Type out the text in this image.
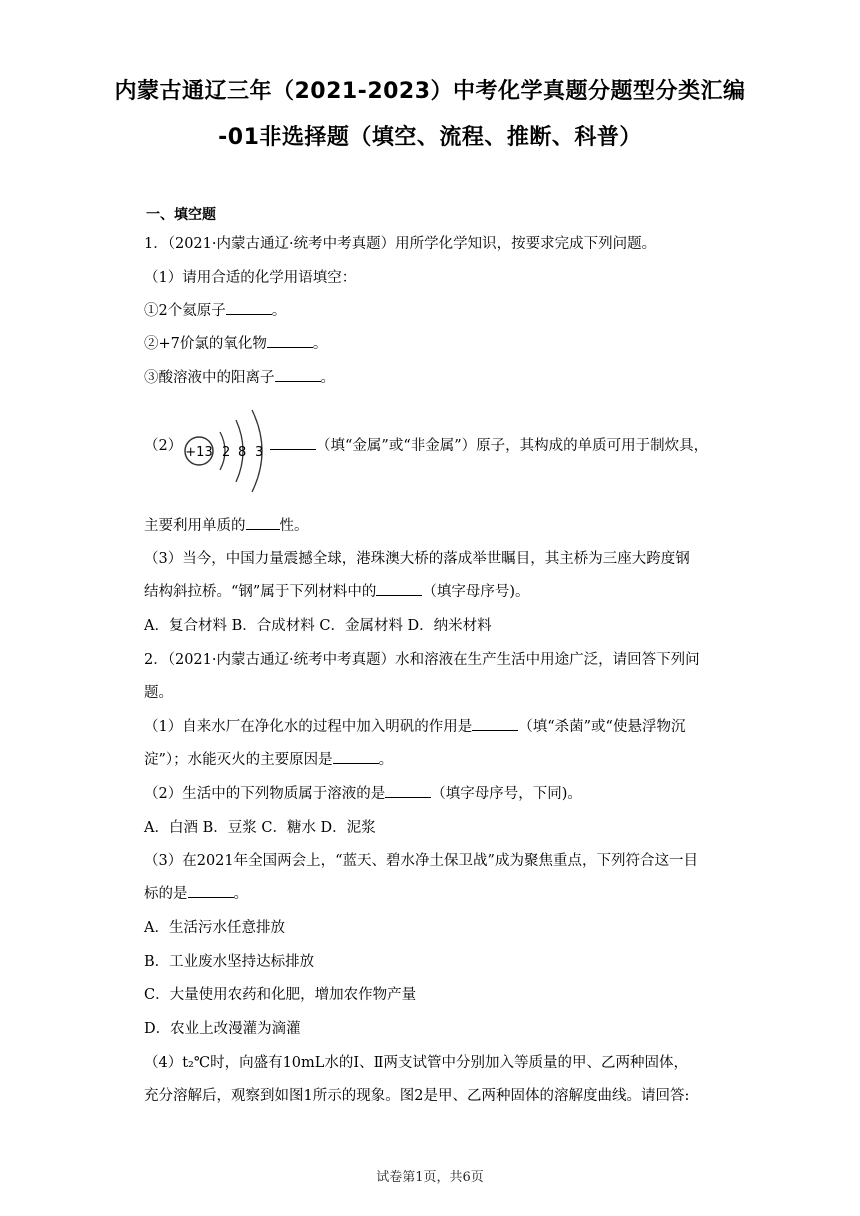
内蒙古通辽三年（2021-2023）中考化学真题分题型分类汇编
-01非选择题（填空、流程、推断、科普）
一、填空题
1．（2021·内蒙古通辽·统考中考真题）用所学化学知识，按要求完成下列问题。
（1）请用合适的化学用语填空：
①2个氦原子	。
②+7价氯的氧化物	。
③酸溶液中的阳离子	。
（2） +13 2 8 3	（填“金属”或“非金属”）原子，其构成的单质可用于制炊具，
主要利用单质的 性。
（3）当今，中国力量震撼全球，港珠澳大桥的落成举世瞩目，其主桥为三座大跨度钢
结构斜拉桥。“钢”属于下列材料中的	（填字母序号)。
A．复合材料 B．合成材料 C．金属材料 D．纳米材料
2．（2021·内蒙古通辽·统考中考真题）水和溶液在生产生活中用途广泛，请回答下列问
题。
（1）自来水厂在净化水的过程中加入明矾的作用是	（填“杀菌”或“使悬浮物沉
淀”）；水能灭火的主要原因是	。
（2）生活中的下列物质属于溶液的是	（填字母序号，下同)。
A．白酒 B．豆浆 C．糖水 D．泥浆
（3）在2021年全国两会上，“蓝天、碧水净土保卫战”成为聚焦重点，下列符合这一目
标的是	。
A．生活污水任意排放
B．工业废水坚持达标排放
C．大量使用农药和化肥，增加农作物产量
D．农业上改漫灌为滴灌
（4）t₂℃时，向盛有10mL水的Ⅰ、Ⅱ两支试管中分别加入等质量的甲、乙两种固体，
充分溶解后，观察到如图1所示的现象。图2是甲、乙两种固体的溶解度曲线。请回答:
试卷第1页，共6页
